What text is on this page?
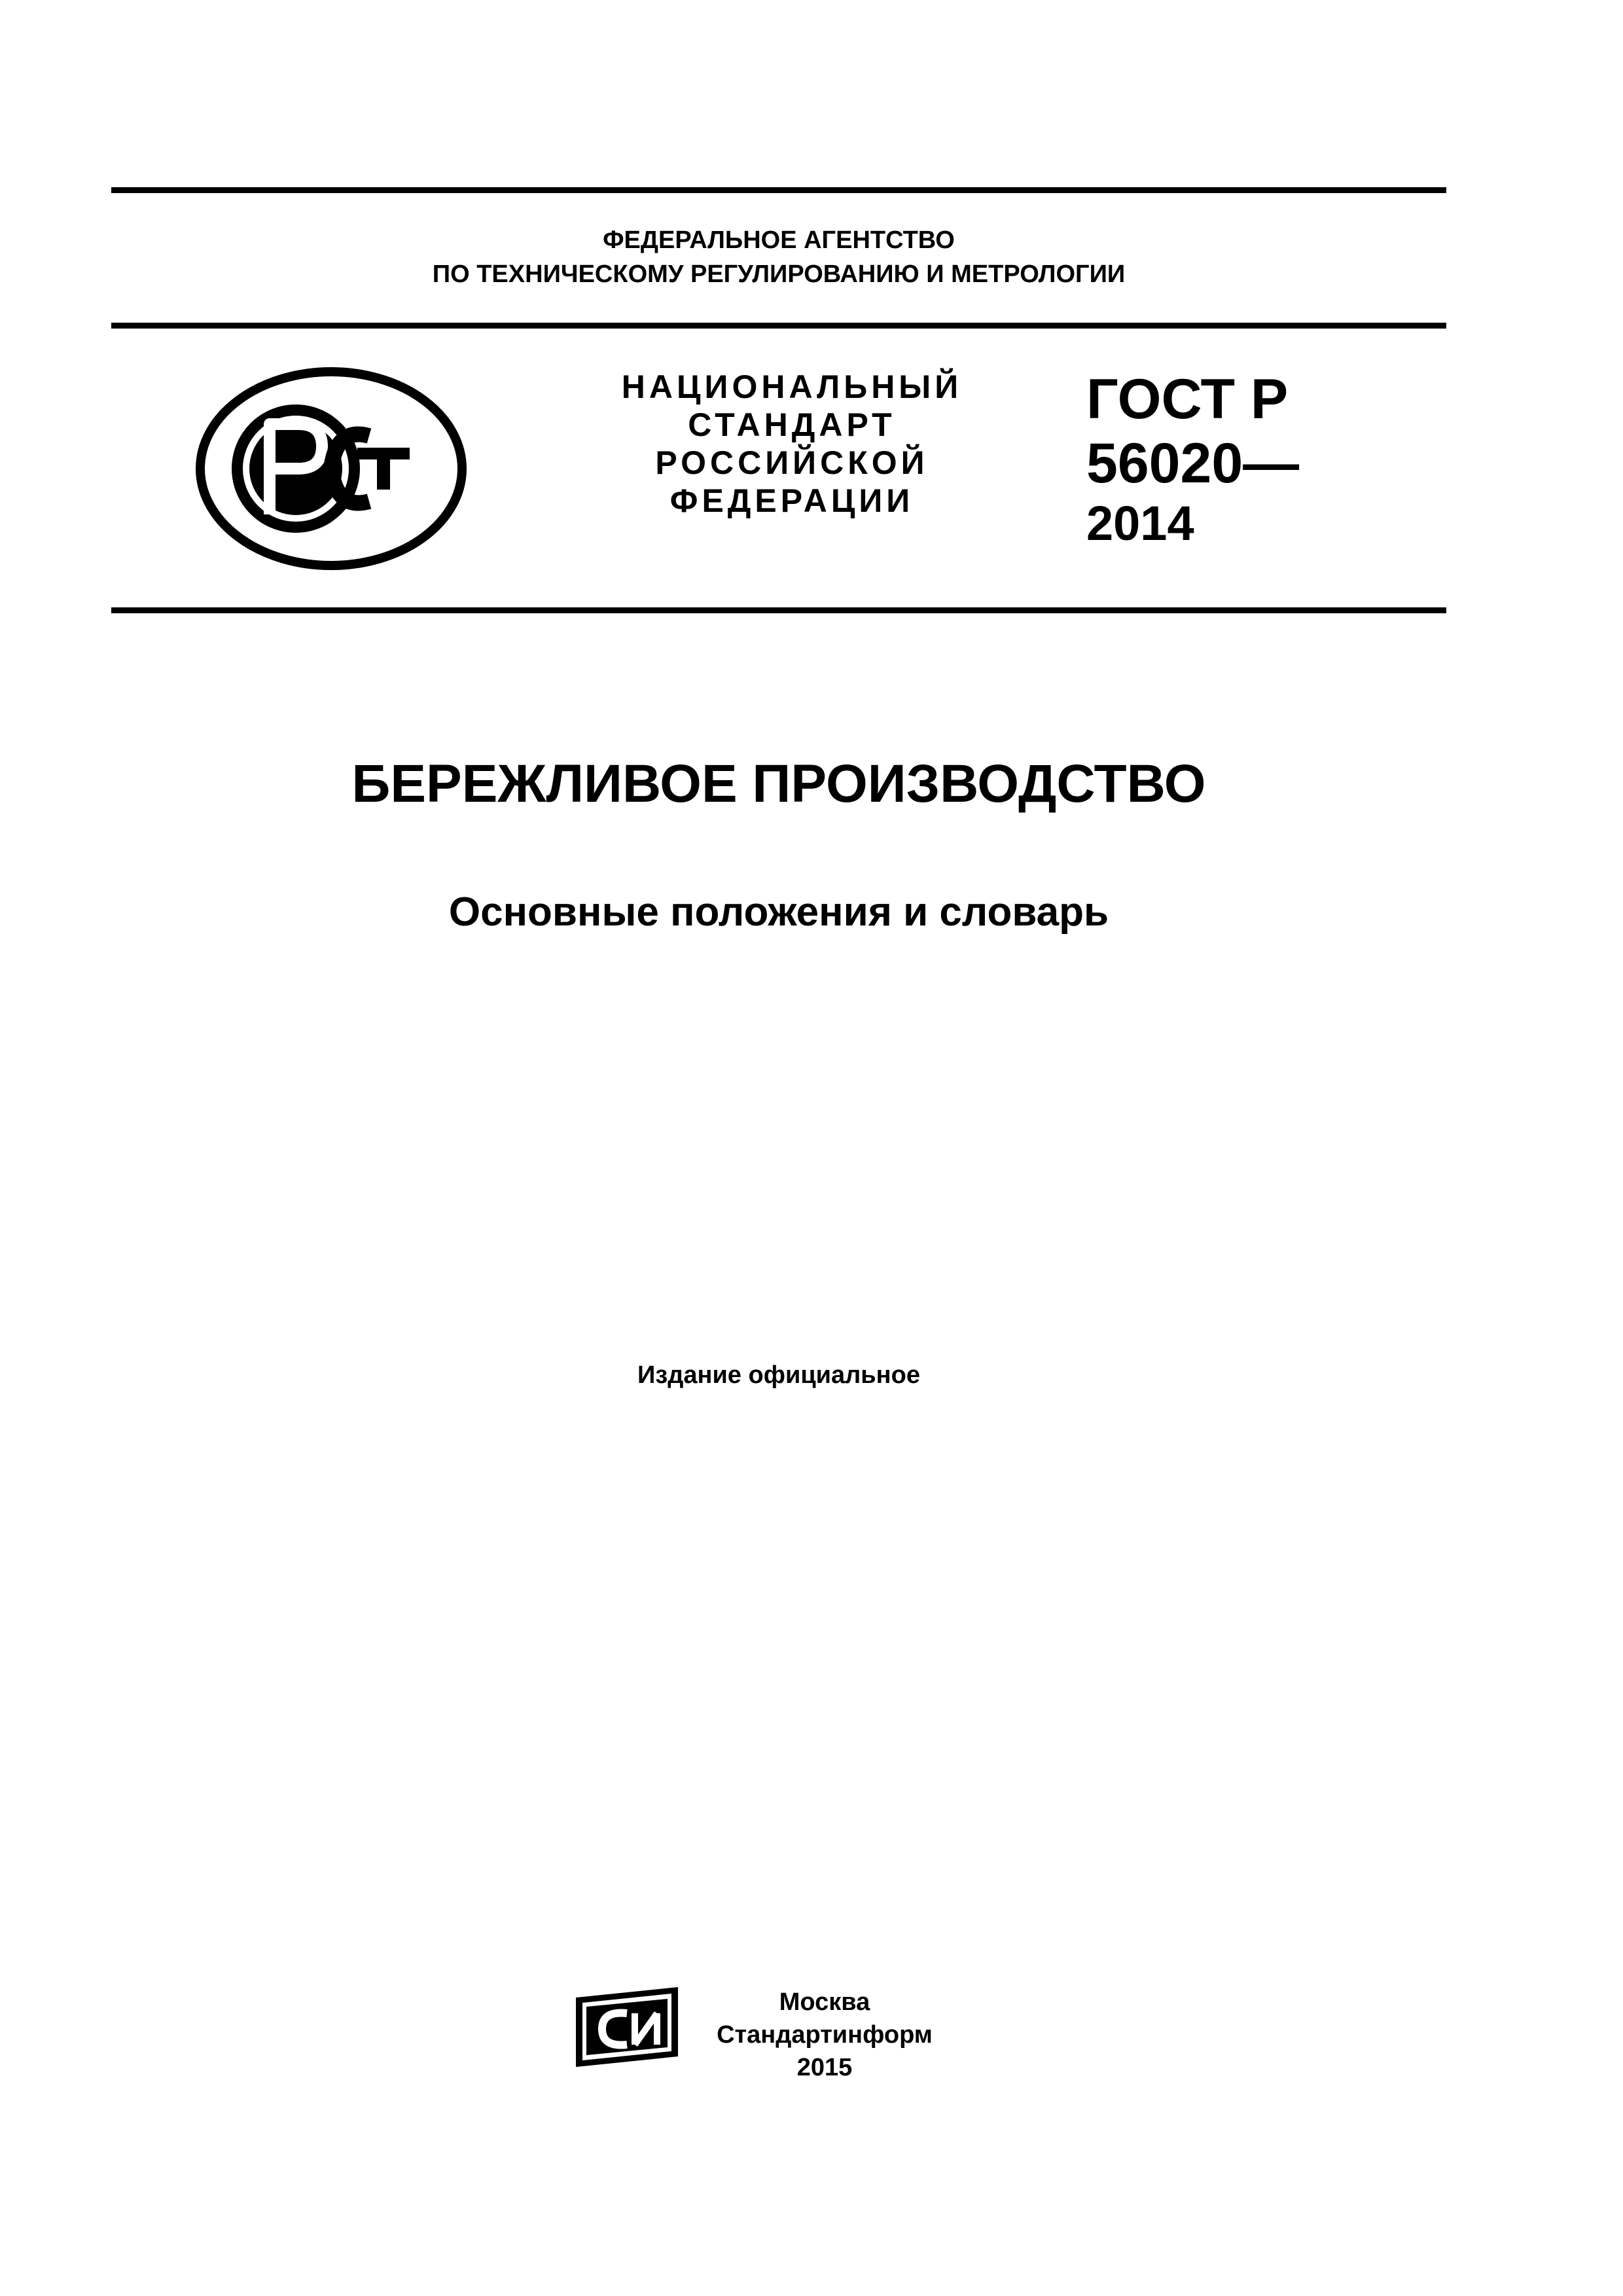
ФЕДЕРАЛЬНОЕ АГЕНТСТВО
ПО ТЕХНИЧЕСКОМУ РЕГУЛИРОВАНИЮ И МЕТРОЛОГИИ
НАЦИОНАЛЬНЫЙ
СТАНДАРТ
РОССИЙСКОЙ
ФЕДЕРАЦИИ
ГОСТ Р
56020—
2014
БЕРЕЖЛИВОЕ ПРОИЗВОДСТВО
Основные положения и словарь
Издание официальное
Москва
Стандартинформ
2015
